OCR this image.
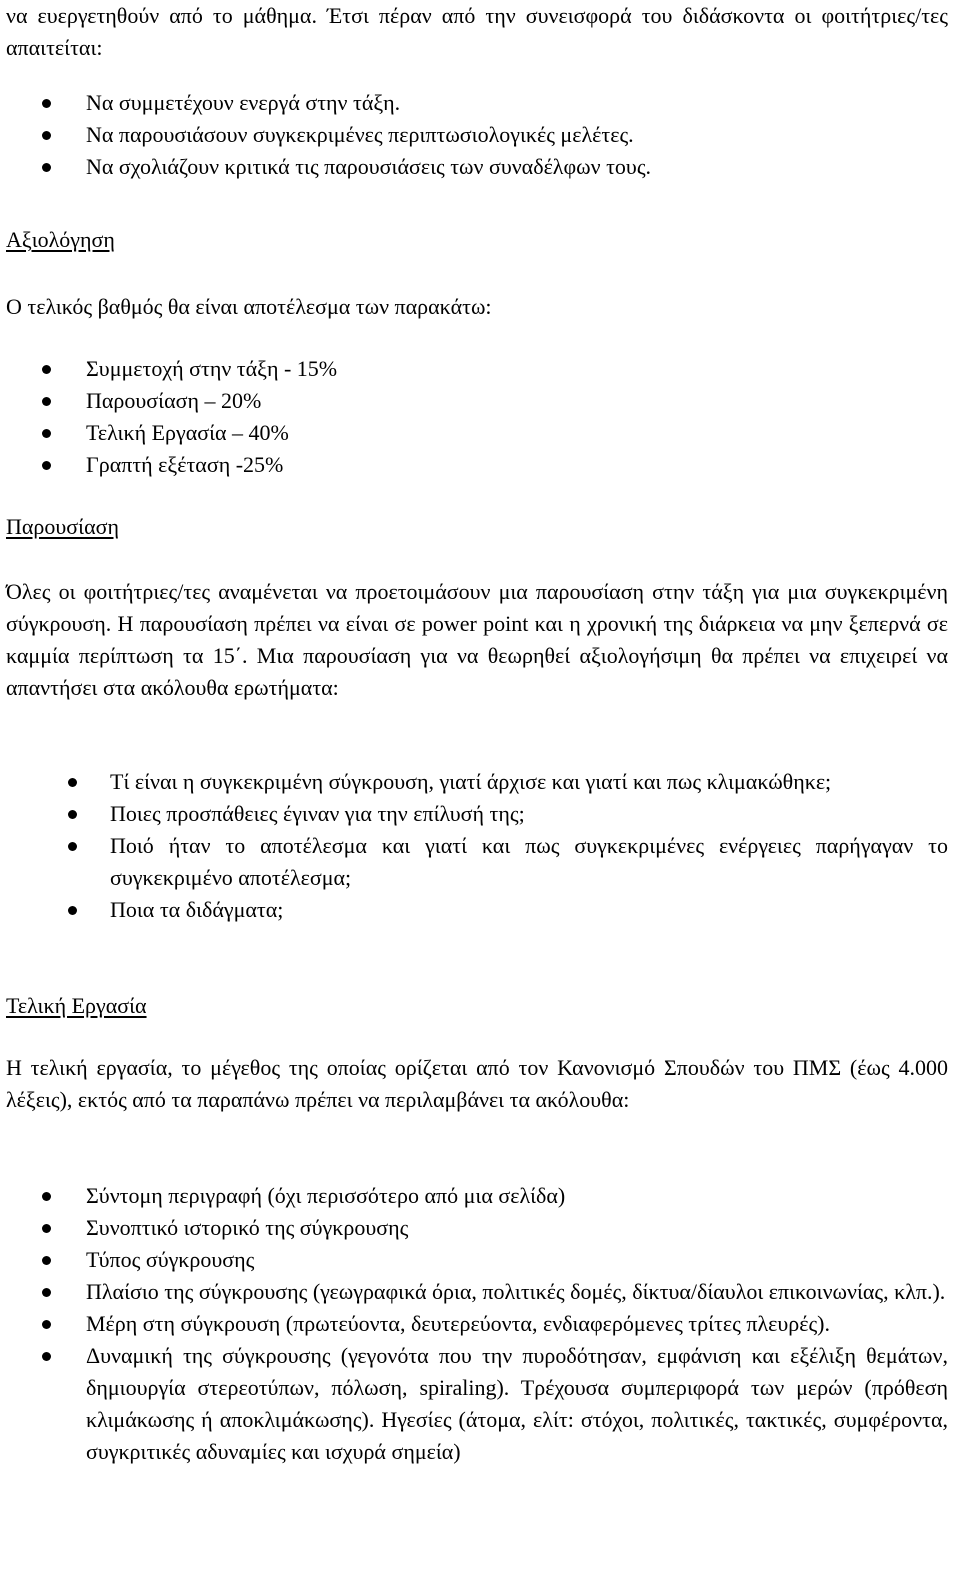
να ευεργετηθούν από το μάθημα. Έτσι πέραν από την συνεισφορά του διδάσκοντα οι φοιτήτριες/τες απαιτείται:

Να συμμετέχουν ενεργά στην τάξη.
Να παρουσιάσουν συγκεκριμένες περιπτωσιολογικές μελέτες.
Να σχολιάζουν κριτικά τις παρουσιάσεις των συναδέλφων τους.

Αξιολόγηση

Ο τελικός βαθμός θα είναι αποτέλεσμα των παρακάτω:

Συμμετοχή στην τάξη - 15%
Παρουσίαση – 20%
Τελική Εργασία – 40%
Γραπτή εξέταση -25%

Παρουσίαση

Όλες οι φοιτήτριες/τες αναμένεται να προετοιμάσουν μια παρουσίαση στην τάξη για μια συγκεκριμένη σύγκρουση. Η παρουσίαση πρέπει να είναι σε power point και η χρονική της διάρκεια να μην ξεπερνά σε καμμία περίπτωση τα 15΄. Μια παρουσίαση για να θεωρηθεί αξιολογήσιμη θα πρέπει να επιχειρεί να απαντήσει στα ακόλουθα ερωτήματα:

Τί είναι η συγκεκριμένη σύγκρουση, γιατί άρχισε και γιατί και πως κλιμακώθηκε;
Ποιες προσπάθειες έγιναν για την επίλυσή της;
Ποιό ήταν το αποτέλεσμα και γιατί και πως συγκεκριμένες ενέργειες παρήγαγαν το συγκεκριμένο αποτέλεσμα;
Ποια τα διδάγματα;

Τελική Εργασία

Η τελική εργασία, το μέγεθος της οποίας ορίζεται από τον Κανονισμό Σπουδών του ΠΜΣ (έως 4.000 λέξεις), εκτός από τα παραπάνω πρέπει να περιλαμβάνει τα ακόλουθα:

Σύντομη περιγραφή (όχι περισσότερο από μια σελίδα)
Συνοπτικό ιστορικό της σύγκρουσης
Τύπος σύγκρουσης
Πλαίσιο της σύγκρουσης (γεωγραφικά όρια, πολιτικές δομές, δίκτυα/δίαυλοι επικοινωνίας, κλπ.).
Μέρη στη σύγκρουση (πρωτεύοντα, δευτερεύοντα, ενδιαφερόμενες τρίτες πλευρές).
Δυναμική της σύγκρουσης (γεγονότα που την πυροδότησαν, εμφάνιση και εξέλιξη θεμάτων, δημιουργία στερεοτύπων, πόλωση, spiraling). Τρέχουσα συμπεριφορά των μερών (πρόθεση κλιμάκωσης ή αποκλιμάκωσης). Ηγεσίες (άτομα, ελίτ: στόχοι, πολιτικές, τακτικές, συμφέροντα, συγκριτικές αδυναμίες και ισχυρά σημεία)
